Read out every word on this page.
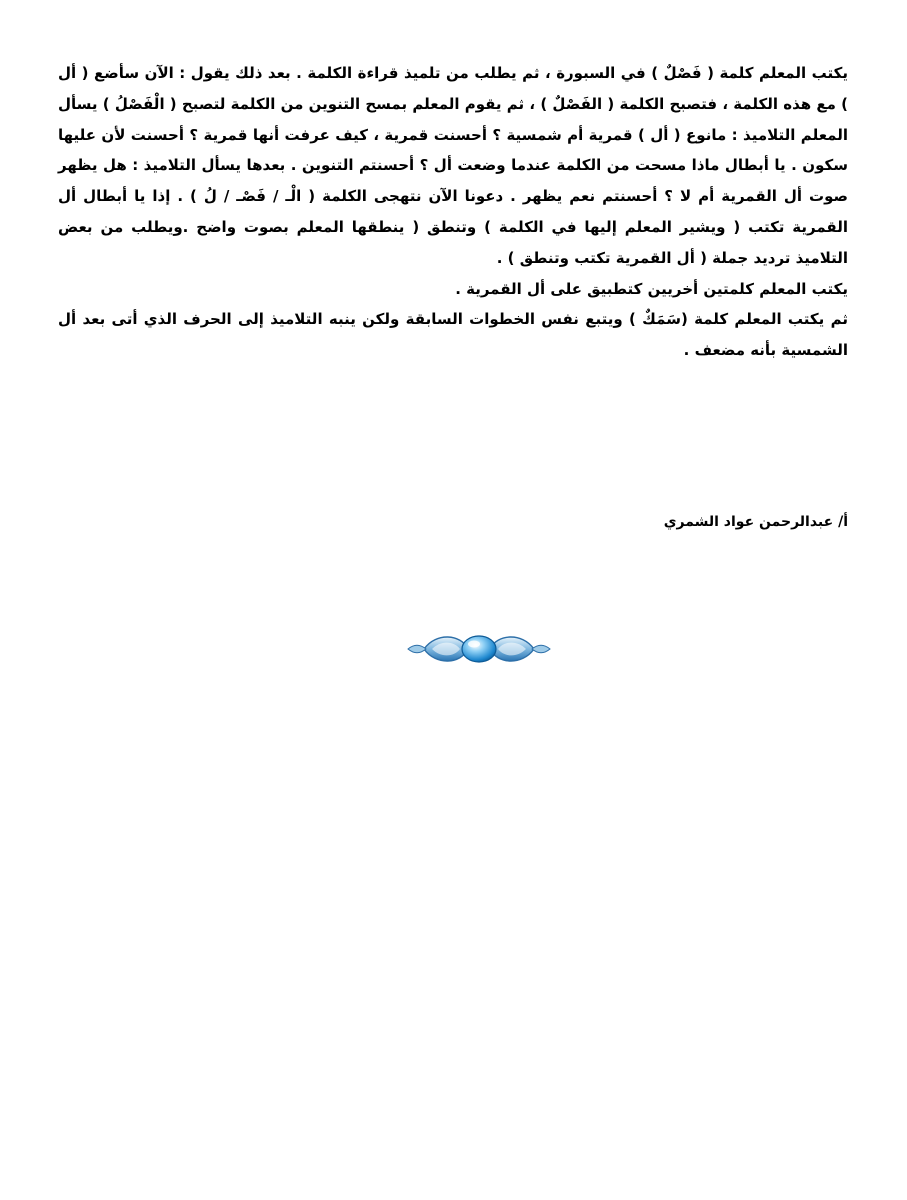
يكتب المعلم كلمة ( فَصْلٌ ) في السبورة ، ثم يطلب من تلميذ قراءة الكلمة . بعد ذلك يقول : الآن سأضع ( أل ) مع هذه الكلمة ، فتصبح الكلمة ( الفَصْلٌ ) ، ثم يقوم المعلم بمسح التنوين من الكلمة لتصبح ( الْفَصْلُ ) يسأل المعلم التلاميذ : مانوع ( أل ) قمرية أم شمسية ؟ أحسنت قمرية ، كيف عرفت أنها قمرية ؟ أحسنت لأن عليها سكون . يا أبطال ماذا مسحت من الكلمة عندما وضعت أل ؟ أحسنتم التنوين . بعدها يسأل التلاميذ : هل يظهر صوت أل القمرية أم لا ؟ أحسنتم نعم يظهر . دعونا الآن نتهجى الكلمة ( الْـ / فَصْـ / لُ ) . إذا يا أبطال أل القمرية تكتب ( ويشير المعلم إليها في الكلمة ) وتنطق ( ينطقها المعلم بصوت واضح .ويطلب من بعض التلاميذ ترديد جملة ( أل القمرية تكتب وتنطق ) .

يكتب المعلم كلمتين أخريين كتطبيق على أل القمرية .

ثم يكتب المعلم كلمة (سَمَكٌ ) ويتبع نفس الخطوات السابقة ولكن ينبه التلاميذ إلى الحرف الذي أتى بعد أل الشمسية بأنه مضعف .

أ/ عبدالرحمن عواد الشمري
